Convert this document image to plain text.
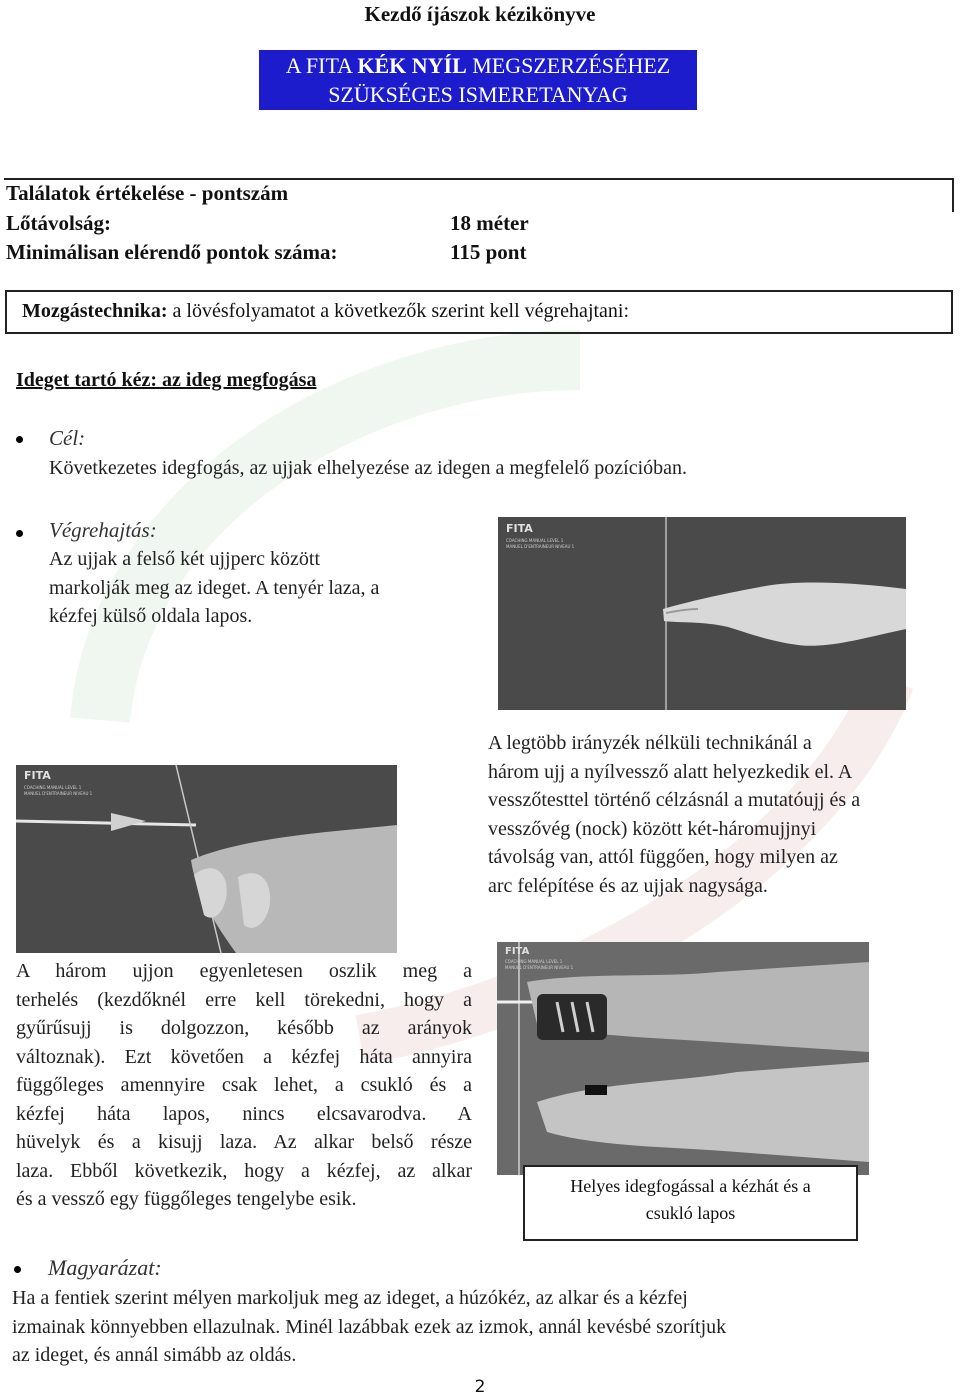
Kezdő íjászok kézikönyve
A FITA KÉK NYÍL MEGSZERZÉSÉHEZ
SZÜKSÉGES ISMERETANYAG
Találatok értékelése - pontszám
Lőtávolság:	18 méter
Minimálisan elérendő pontok száma:	115 pont
Mozgástechnika: a lövésfolyamatot a következők szerint kell végrehajtani:
Ideget tartó kéz: az ideg megfogása
Cél:
Következetes idegfogás, az ujjak elhelyezése az idegen a megfelelő pozícióban.
Végrehajtás:
Az ujjak a felső két ujjperc között
markolják meg az ideget. A tenyér laza, a
kézfej külső oldala lapos.
FITA
COACHING MANUAL LEVEL 1
MANUEL D'ENTRAINEUR NIVEAU 1
A legtöbb irányzék nélküli technikánál a
három ujj a nyílvessző alatt helyezkedik el. A
vesszőtesttel történő célzásnál a mutatóujj és a
vesszővég (nock) között két-háromujjnyi
távolság van, attól függően, hogy milyen az
arc felépítése és az ujjak nagysága.
FITA
COACHING MANUAL LEVEL 1
MANUEL D'ENTRAINEUR NIVEAU 1
A három ujjon egyenletesen oszlik meg a
terhelés (kezdőknél erre kell törekedni, hogy a
gyűrűsujj is dolgozzon, később az arányok
változnak). Ezt követően a kézfej háta annyira
függőleges amennyire csak lehet, a csukló és a
kézfej háta lapos, nincs elcsavarodva. A
hüvelyk és a kisujj laza. Az alkar belső része
laza. Ebből következik, hogy a kézfej, az alkar
és a vessző egy függőleges tengelybe esik.
FITA
COACHING MANUAL LEVEL 1
MANUEL D'ENTRAINEUR NIVEAU 1
Helyes idegfogással a kézhát és a
csukló lapos
Magyarázat:
Ha a fentiek szerint mélyen markoljuk meg az ideget, a húzókéz, az alkar és a kézfej
izmainak könnyebben ellazulnak. Minél lazábbak ezek az izmok, annál kevésbé szorítjuk
az ideget, és annál simább az oldás.
2
